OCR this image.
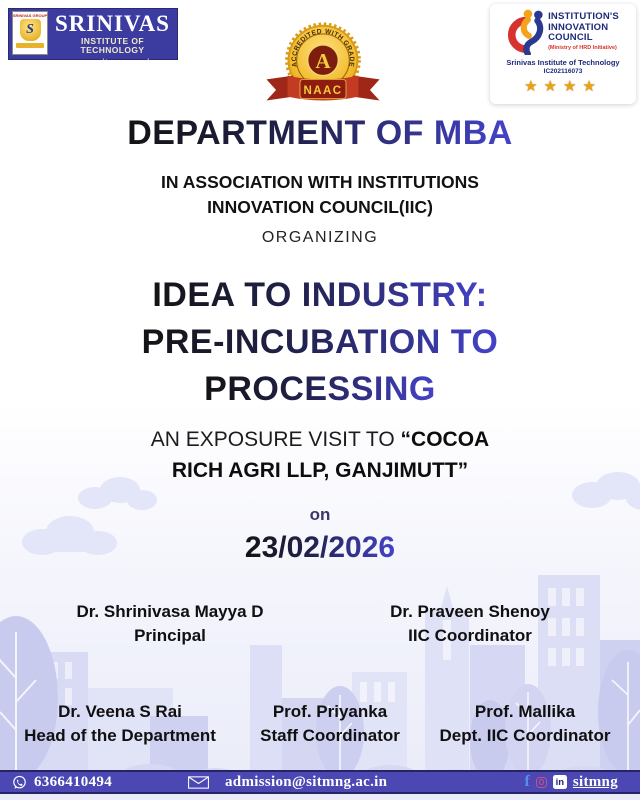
SRINIVAS GROUP
S SRINIVAS
INSTITUTE OF TECHNOLOGY
www.sitmng.ac.in	ACCREDITED WITH GRADE
NAAC
A
INSTITUTION'S
INNOVATION
COUNCIL
(Ministry of HRD Initiative)
Srinivas Institute of Technology
IC202116073
★★★★
DEPARTMENT OF MBA
IN ASSOCIATION WITH INSTITUTIONS
INNOVATION COUNCIL(IIC)
ORGANIZING
IDEA TO INDUSTRY:
PRE-INCUBATION TO
PROCESSING
AN EXPOSURE VISIT TO “COCOA
RICH AGRI LLP, GANJIMUTT”
on
23/02/2026
Dr. Shrinivasa Mayya D
Principal
Dr. Praveen Shenoy
IIC Coordinator
Dr. Veena S Rai
Head of the Department
Prof. Priyanka
Staff Coordinator
Prof. Mallika
Dept. IIC Coordinator
6366410494	admission@sitmng.ac.in	f	in sitmng
